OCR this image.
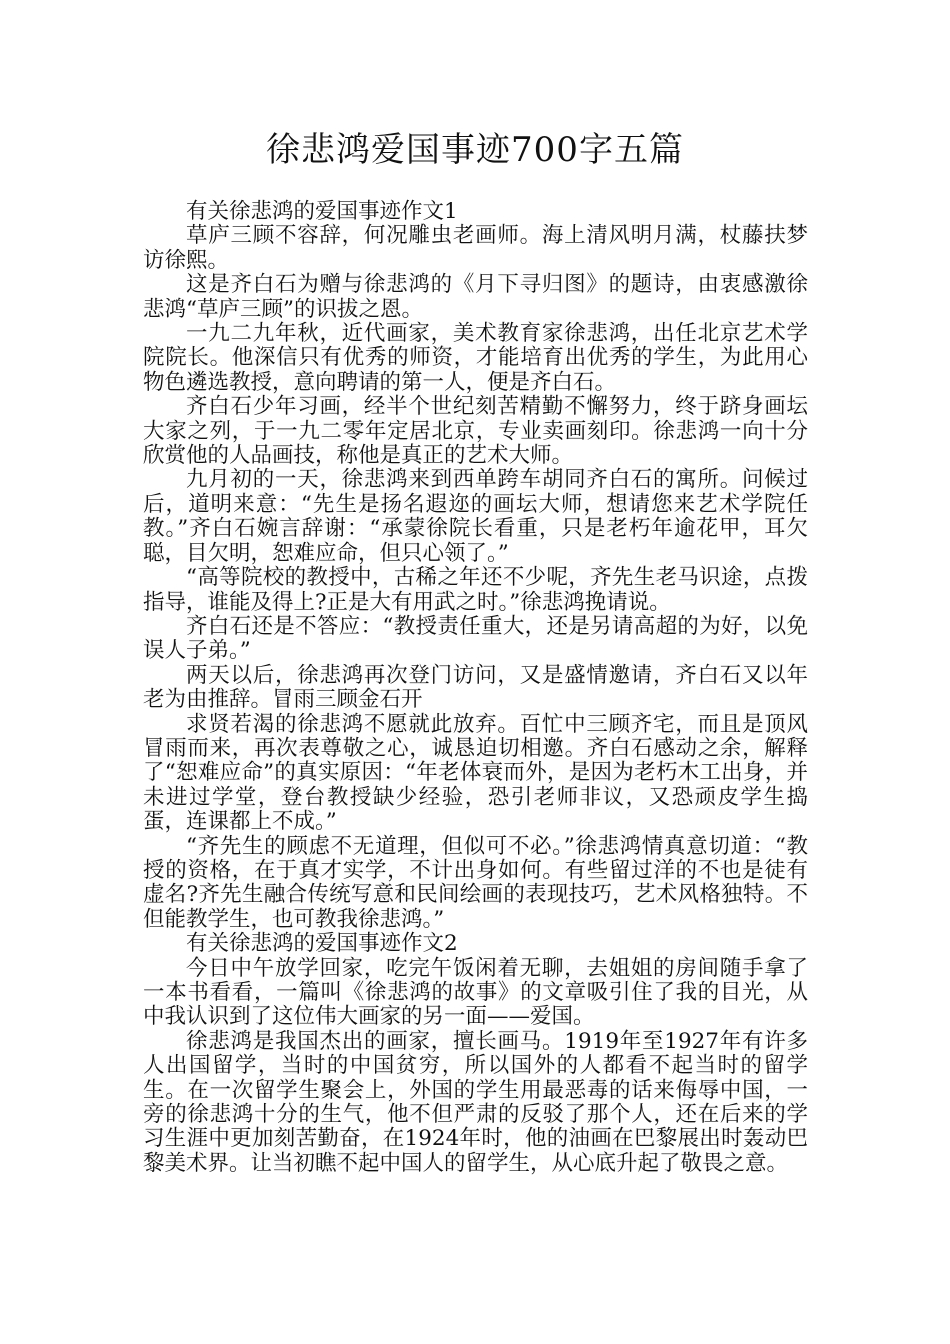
徐悲鸿爱国事迹700字五篇

有关徐悲鸿的爱国事迹作文1

草庐三顾不容辞，何况雕虫老画师。海上清风明月满，杖藤扶梦访徐熙。

这是齐白石为赠与徐悲鸿的《月下寻归图》的题诗，由衷感激徐悲鸿“草庐三顾”的识拔之恩。

一九二九年秋，近代画家，美术教育家徐悲鸿，出任北京艺术学院院长。他深信只有优秀的师资，才能培育出优秀的学生，为此用心物色遴选教授，意向聘请的第一人，便是齐白石。

齐白石少年习画，经半个世纪刻苦精勤不懈努力，终于跻身画坛大家之列，于一九二零年定居北京，专业卖画刻印。徐悲鸿一向十分欣赏他的人品画技，称他是真正的艺术大师。

九月初的一天，徐悲鸿来到西单跨车胡同齐白石的寓所。问候过后，道明来意：“先生是扬名遐迩的画坛大师，想请您来艺术学院任教。”齐白石婉言辞谢：“承蒙徐院长看重，只是老朽年逾花甲，耳欠聪，目欠明，恕难应命，但只心领了。”

“高等院校的教授中，古稀之年还不少呢，齐先生老马识途，点拨指导，谁能及得上?正是大有用武之时。”徐悲鸿挽请说。

齐白石还是不答应：“教授责任重大，还是另请高超的为好，以免误人子弟。”

两天以后，徐悲鸿再次登门访问，又是盛情邀请，齐白石又以年老为由推辞。冒雨三顾金石开

求贤若渴的徐悲鸿不愿就此放弃。百忙中三顾齐宅，而且是顶风冒雨而来，再次表尊敬之心，诚恳迫切相邀。齐白石感动之余，解释了“恕难应命”的真实原因：“年老体衰而外，是因为老朽木工出身，并未进过学堂，登台教授缺少经验，恐引老师非议，又恐顽皮学生捣蛋，连课都上不成。”

“齐先生的顾虑不无道理，但似可不必。”徐悲鸿情真意切道：“教授的资格，在于真才实学，不计出身如何。有些留过洋的不也是徒有虚名?齐先生融合传统写意和民间绘画的表现技巧，艺术风格独特。不但能教学生，也可教我徐悲鸿。”

有关徐悲鸿的爱国事迹作文2

今日中午放学回家，吃完午饭闲着无聊，去姐姐的房间随手拿了一本书看看，一篇叫《徐悲鸿的故事》的文章吸引住了我的目光，从中我认识到了这位伟大画家的另一面——爱国。

徐悲鸿是我国杰出的画家，擅长画马。1919年至1927年有许多人出国留学，当时的中国贫穷，所以国外的人都看不起当时的留学生。在一次留学生聚会上，外国的学生用最恶毒的话来侮辱中国，一旁的徐悲鸿十分的生气，他不但严肃的反驳了那个人，还在后来的学习生涯中更加刻苦勤奋，在1924年时，他的油画在巴黎展出时轰动巴黎美术界。让当初瞧不起中国人的留学生，从心底升起了敬畏之意。
